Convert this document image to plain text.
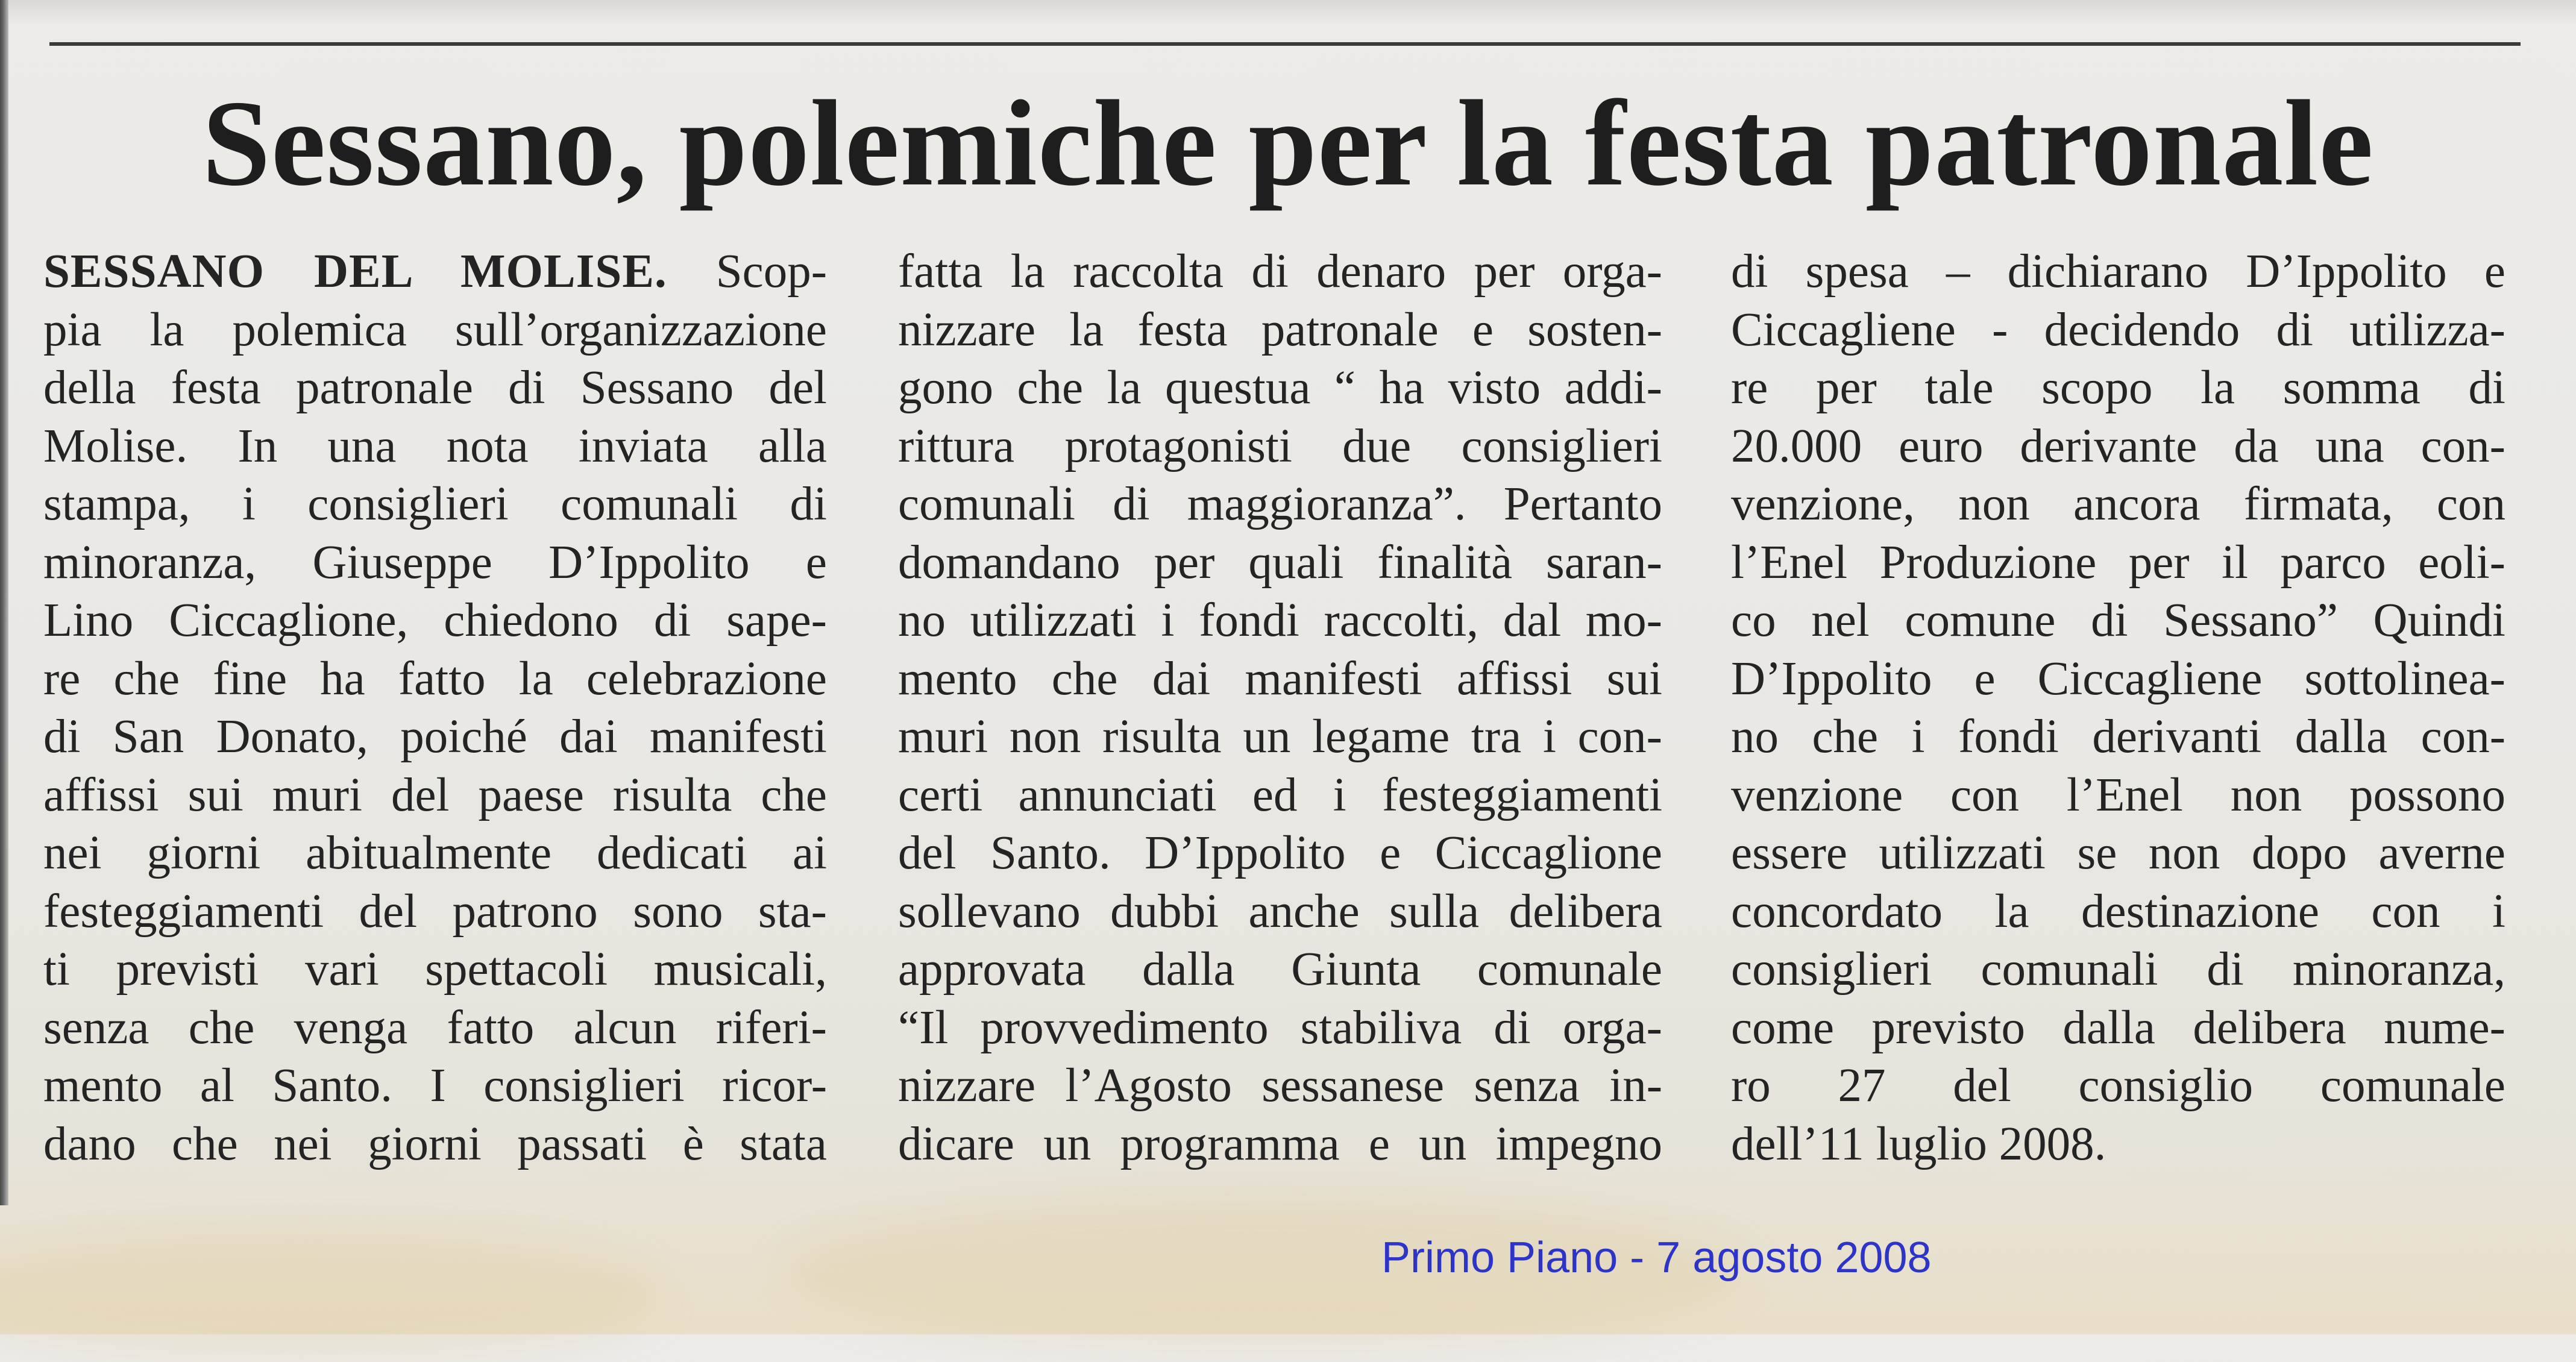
Sessano, polemiche per la festa patronale
SESSANO DEL MOLISE. Scop-
pia la polemica sull’organizzazione
della festa patronale di Sessano del
Molise. In una nota inviata alla
stampa, i consiglieri comunali di
minoranza, Giuseppe D’Ippolito e
Lino Ciccaglione, chiedono di sape-
re che fine ha fatto la celebrazione
di San Donato, poiché dai manifesti
affissi sui muri del paese risulta che
nei giorni abitualmente dedicati ai
festeggiamenti del patrono sono sta-
ti previsti vari spettacoli musicali,
senza che venga fatto alcun riferi-
mento al Santo. I consiglieri ricor-
dano che nei giorni passati è stata
fatta la raccolta di denaro per orga-
nizzare la festa patronale e sosten-
gono che la questua “ ha visto addi-
rittura protagonisti due consiglieri
comunali di maggioranza”. Pertanto
domandano per quali finalità saran-
no utilizzati i fondi raccolti, dal mo-
mento che dai manifesti affissi sui
muri non risulta un legame tra i con-
certi annunciati ed i festeggiamenti
del Santo. D’Ippolito e Ciccaglione
sollevano dubbi anche sulla delibera
approvata dalla Giunta comunale
“Il provvedimento stabiliva di orga-
nizzare l’Agosto sessanese senza in-
dicare un programma e un impegno
di spesa – dichiarano D’Ippolito e
Ciccagliene - decidendo di utilizza-
re per tale scopo la somma di
20.000 euro derivante da una con-
venzione, non ancora firmata, con
l’Enel Produzione per il parco eoli-
co nel comune di Sessano” Quindi
D’Ippolito e Ciccagliene sottolinea-
no che i fondi derivanti dalla con-
venzione con l’Enel non possono
essere utilizzati se non dopo averne
concordato la destinazione con i
consiglieri comunali di minoranza,
come previsto dalla delibera nume-
ro 27 del consiglio comunale
dell’11 luglio 2008.
Primo Piano - 7 agosto 2008
